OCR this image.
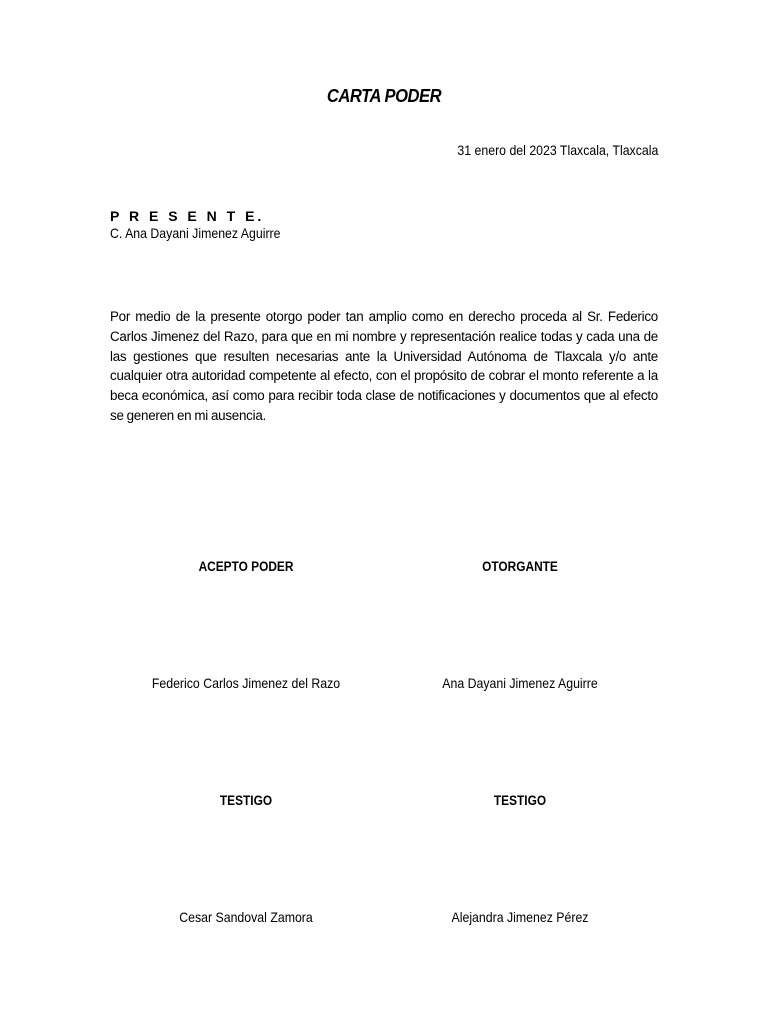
CARTA PODER
31 enero del 2023 Tlaxcala, Tlaxcala
P R E S E N T E.
C. Ana Dayani Jimenez Aguirre
Por medio de la presente otorgo poder tan amplio como en derecho proceda al Sr. Federico Carlos Jimenez del Razo, para que en mi nombre y representación realice todas y cada una de las gestiones que resulten necesarias ante la Universidad Autónoma de Tlaxcala y/o ante cualquier otra autoridad competente al efecto, con el propósito de cobrar el monto referente a la beca económica, así como para recibir toda clase de notificaciones y documentos que al efecto se generen en mi ausencia.
ACEPTO PODER	OTORGANTE
Federico Carlos Jimenez del Razo	Ana Dayani Jimenez Aguirre
TESTIGO	TESTIGO
Cesar Sandoval Zamora	Alejandra Jimenez Pérez
